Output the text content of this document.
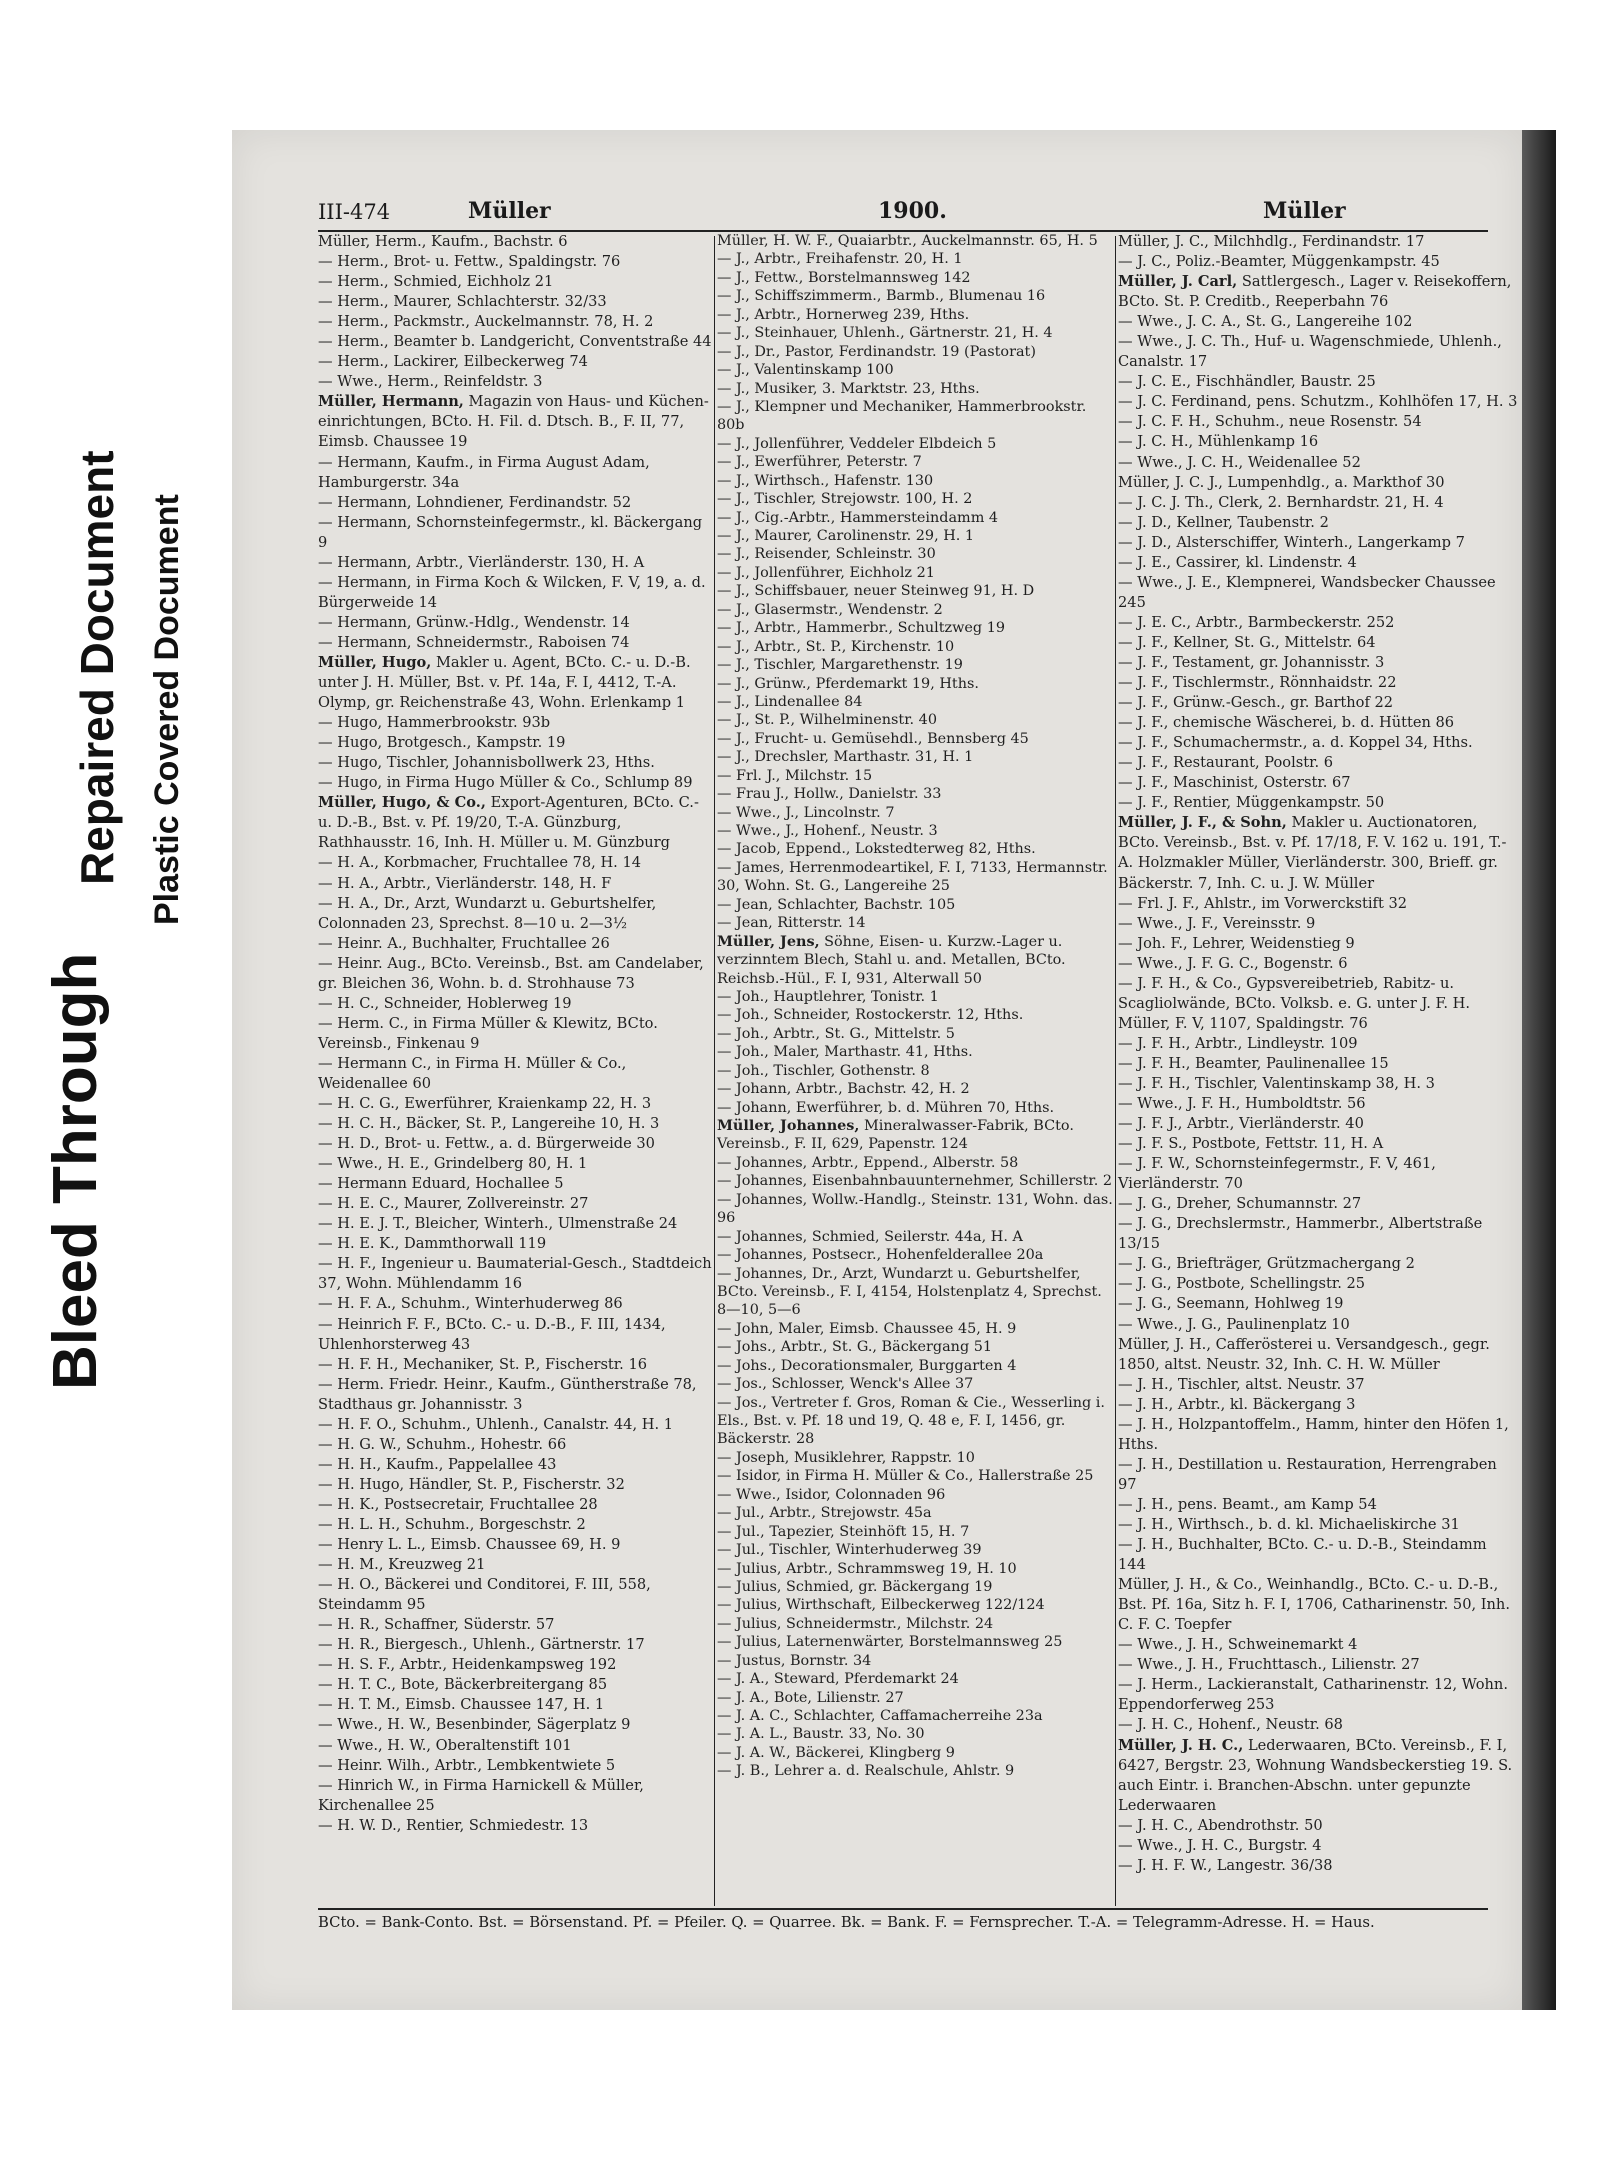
Bleed Through
Repaired Document Plastic Covered Document
III-474	Müller	1900.	Müller
Müller, Herm., Kaufm., Bachstr. 6
— Herm., Brot- u. Fettw., Spaldingstr. 76
— Herm., Schmied, Eichholz 21
— Herm., Maurer, Schlachterstr. 32/33
— Herm., Packmstr., Auckelmannstr. 78, H. 2
— Herm., Beamter b. Landgericht, Conventstraße 44
— Herm., Lackirer, Eilbeckerweg 74
— Wwe., Herm., Reinfeldstr. 3
Müller, Hermann, Magazin von Haus- und Küchen-einrichtungen, BCto. H. Fil. d. Dtsch. B., F. II, 77, Eimsb. Chaussee 19
— Hermann, Kaufm., in Firma August Adam, Hamburgerstr. 34a
— Hermann, Lohndiener, Ferdinandstr. 52
— Hermann, Schornsteinfegermstr., kl. Bäckergang 9
— Hermann, Arbtr., Vierländerstr. 130, H. A
— Hermann, in Firma Koch & Wilcken, F. V, 19, a. d. Bürgerweide 14
— Hermann, Grünw.-Hdlg., Wendenstr. 14
— Hermann, Schneidermstr., Raboisen 74
Müller, Hugo, Makler u. Agent, BCto. C.- u. D.-B. unter J. H. Müller, Bst. v. Pf. 14a, F. I, 4412, T.-A. Olymp, gr. Reichenstraße 43, Wohn. Erlenkamp 1
— Hugo, Hammerbrookstr. 93b
— Hugo, Brotgesch., Kampstr. 19
— Hugo, Tischler, Johannisbollwerk 23, Hths.
— Hugo, in Firma Hugo Müller & Co., Schlump 89
Müller, Hugo, & Co., Export-Agenturen, BCto. C.- u. D.-B., Bst. v. Pf. 19/20, T.-A. Günzburg, Rathhausstr. 16, Inh. H. Müller u. M. Günzburg
— H. A., Korbmacher, Fruchtallee 78, H. 14
— H. A., Arbtr., Vierländerstr. 148, H. F
— H. A., Dr., Arzt, Wundarzt u. Geburtshelfer, Colonnaden 23, Sprechst. 8—10 u. 2—3½
— Heinr. A., Buchhalter, Fruchtallee 26
— Heinr. Aug., BCto. Vereinsb., Bst. am Candelaber, gr. Bleichen 36, Wohn. b. d. Strohhause 73
— H. C., Schneider, Hoblerweg 19
— Herm. C., in Firma Müller & Klewitz, BCto. Vereinsb., Finkenau 9
— Hermann C., in Firma H. Müller & Co., Weidenallee 60
— H. C. G., Ewerführer, Kraienkamp 22, H. 3
— H. C. H., Bäcker, St. P., Langereihe 10, H. 3
— H. D., Brot- u. Fettw., a. d. Bürgerweide 30
— Wwe., H. E., Grindelberg 80, H. 1
— Hermann Eduard, Hochallee 5
— H. E. C., Maurer, Zollvereinstr. 27
— H. E. J. T., Bleicher, Winterh., Ulmenstraße 24
— H. E. K., Dammthorwall 119
— H. F., Ingenieur u. Baumaterial-Gesch., Stadtdeich 37, Wohn. Mühlendamm 16
— H. F. A., Schuhm., Winterhuderweg 86
— Heinrich F. F., BCto. C.- u. D.-B., F. III, 1434, Uhlenhorsterweg 43
— H. F. H., Mechaniker, St. P., Fischerstr. 16
— Herm. Friedr. Heinr., Kaufm., Güntherstraße 78, Stadthaus gr. Johannisstr. 3
— H. F. O., Schuhm., Uhlenh., Canalstr. 44, H. 1
— H. G. W., Schuhm., Hohestr. 66
— H. H., Kaufm., Pappelallee 43
— H. Hugo, Händler, St. P., Fischerstr. 32
— H. K., Postsecretair, Fruchtallee 28
— H. L. H., Schuhm., Borgeschstr. 2
— Henry L. L., Eimsb. Chaussee 69, H. 9
— H. M., Kreuzweg 21
— H. O., Bäckerei und Conditorei, F. III, 558, Steindamm 95
— H. R., Schaffner, Süderstr. 57
— H. R., Biergesch., Uhlenh., Gärtnerstr. 17
— H. S. F., Arbtr., Heidenkampsweg 192
— H. T. C., Bote, Bäckerbreitergang 85
— H. T. M., Eimsb. Chaussee 147, H. 1
— Wwe., H. W., Besenbinder, Sägerplatz 9
— Wwe., H. W., Oberaltenstift 101
— Heinr. Wilh., Arbtr., Lembkentwiete 5
— Hinrich W., in Firma Harnickell & Müller, Kirchenallee 25
— H. W. D., Rentier, Schmiedestr. 13
Müller, H. W. F., Quaiarbtr., Auckelmannstr. 65, H. 5
— J., Arbtr., Freihafenstr. 20, H. 1
— J., Fettw., Borstelmannsweg 142
— J., Schiffszimmerm., Barmb., Blumenau 16
— J., Arbtr., Hornerweg 239, Hths.
— J., Steinhauer, Uhlenh., Gärtnerstr. 21, H. 4
— J., Dr., Pastor, Ferdinandstr. 19 (Pastorat)
— J., Valentinskamp 100
— J., Musiker, 3. Marktstr. 23, Hths.
— J., Klempner und Mechaniker, Hammerbrookstr. 80b
— J., Jollenführer, Veddeler Elbdeich 5
— J., Ewerführer, Peterstr. 7
— J., Wirthsch., Hafenstr. 130
— J., Tischler, Strejowstr. 100, H. 2
— J., Cig.-Arbtr., Hammersteindamm 4
— J., Maurer, Carolinenstr. 29, H. 1
— J., Reisender, Schleinstr. 30
— J., Jollenführer, Eichholz 21
— J., Schiffsbauer, neuer Steinweg 91, H. D
— J., Glasermstr., Wendenstr. 2
— J., Arbtr., Hammerbr., Schultzweg 19
— J., Arbtr., St. P., Kirchenstr. 10
— J., Tischler, Margarethenstr. 19
— J., Grünw., Pferdemarkt 19, Hths.
— J., Lindenallee 84
— J., St. P., Wilhelminenstr. 40
— J., Frucht- u. Gemüsehdl., Bennsberg 45
— J., Drechsler, Marthastr. 31, H. 1
— Frl. J., Milchstr. 15
— Frau J., Hollw., Danielstr. 33
— Wwe., J., Lincolnstr. 7
— Wwe., J., Hohenf., Neustr. 3
— Jacob, Eppend., Lokstedterweg 82, Hths.
— James, Herrenmodeartikel, F. I, 7133, Hermannstr. 30, Wohn. St. G., Langereihe 25
— Jean, Schlachter, Bachstr. 105
— Jean, Ritterstr. 14
Müller, Jens, Söhne, Eisen- u. Kurzw.-Lager u. verzinntem Blech, Stahl u. and. Metallen, BCto. Reichsb.-Hül., F. I, 931, Alterwall 50
— Joh., Hauptlehrer, Tonistr. 1
— Joh., Schneider, Rostockerstr. 12, Hths.
— Joh., Arbtr., St. G., Mittelstr. 5
— Joh., Maler, Marthastr. 41, Hths.
— Joh., Tischler, Gothenstr. 8
— Johann, Arbtr., Bachstr. 42, H. 2
— Johann, Ewerführer, b. d. Mühren 70, Hths.
Müller, Johannes, Mineralwasser-Fabrik, BCto. Vereinsb., F. II, 629, Papenstr. 124
— Johannes, Arbtr., Eppend., Alberstr. 58
— Johannes, Eisenbahnbauunternehmer, Schillerstr. 2
— Johannes, Wollw.-Handlg., Steinstr. 131, Wohn. das. 96
— Johannes, Schmied, Seilerstr. 44a, H. A
— Johannes, Postsecr., Hohenfelderallee 20a
— Johannes, Dr., Arzt, Wundarzt u. Geburtshelfer, BCto. Vereinsb., F. I, 4154, Holstenplatz 4, Sprechst. 8—10, 5—6
— John, Maler, Eimsb. Chaussee 45, H. 9
— Johs., Arbtr., St. G., Bäckergang 51
— Johs., Decorationsmaler, Burggarten 4
— Jos., Schlosser, Wenck's Allee 37
— Jos., Vertreter f. Gros, Roman & Cie., Wesserling i. Els., Bst. v. Pf. 18 und 19, Q. 48 e, F. I, 1456, gr. Bäckerstr. 28
— Joseph, Musiklehrer, Rappstr. 10
— Isidor, in Firma H. Müller & Co., Hallerstraße 25
— Wwe., Isidor, Colonnaden 96
— Jul., Arbtr., Strejowstr. 45a
— Jul., Tapezier, Steinhöft 15, H. 7
— Jul., Tischler, Winterhuderweg 39
— Julius, Arbtr., Schrammsweg 19, H. 10
— Julius, Schmied, gr. Bäckergang 19
— Julius, Wirthschaft, Eilbeckerweg 122/124
— Julius, Schneidermstr., Milchstr. 24
— Julius, Laternenwärter, Borstelmannsweg 25
— Justus, Bornstr. 34
— J. A., Steward, Pferdemarkt 24
— J. A., Bote, Lilienstr. 27
— J. A. C., Schlachter, Caffamacherreihe 23a
— J. A. L., Baustr. 33, No. 30
— J. A. W., Bäckerei, Klingberg 9
— J. B., Lehrer a. d. Realschule, Ahlstr. 9
Müller, J. C., Milchhdlg., Ferdinandstr. 17
— J. C., Poliz.-Beamter, Müggenkampstr. 45
Müller, J. Carl, Sattlergesch., Lager v. Reisekoffern, BCto. St. P. Creditb., Reeperbahn 76
— Wwe., J. C. A., St. G., Langereihe 102
— Wwe., J. C. Th., Huf- u. Wagenschmiede, Uhlenh., Canalstr. 17
— J. C. E., Fischhändler, Baustr. 25
— J. C. Ferdinand, pens. Schutzm., Kohlhöfen 17, H. 3
— J. C. F. H., Schuhm., neue Rosenstr. 54
— J. C. H., Mühlenkamp 16
— Wwe., J. C. H., Weidenallee 52
Müller, J. C. J., Lumpenhdlg., a. Markthof 30
— J. C. J. Th., Clerk, 2. Bernhardstr. 21, H. 4
— J. D., Kellner, Taubenstr. 2
— J. D., Alsterschiffer, Winterh., Langerkamp 7
— J. E., Cassirer, kl. Lindenstr. 4
— Wwe., J. E., Klempnerei, Wandsbecker Chaussee 245
— J. E. C., Arbtr., Barmbeckerstr. 252
— J. F., Kellner, St. G., Mittelstr. 64
— J. F., Testament, gr. Johannisstr. 3
— J. F., Tischlermstr., Rönnhaidstr. 22
— J. F., Grünw.-Gesch., gr. Barthof 22
— J. F., chemische Wäscherei, b. d. Hütten 86
— J. F., Schumachermstr., a. d. Koppel 34, Hths.
— J. F., Restaurant, Poolstr. 6
— J. F., Maschinist, Osterstr. 67
— J. F., Rentier, Müggenkampstr. 50
Müller, J. F., & Sohn, Makler u. Auctionatoren, BCto. Vereinsb., Bst. v. Pf. 17/18, F. V. 162 u. 191, T.-A. Holzmakler Müller, Vierländerstr. 300, Brieff. gr. Bäckerstr. 7, Inh. C. u. J. W. Müller
— Frl. J. F., Ahlstr., im Vorwerckstift 32
— Wwe., J. F., Vereinsstr. 9
— Joh. F., Lehrer, Weidenstieg 9
— Wwe., J. F. G. C., Bogenstr. 6
— J. F. H., & Co., Gypsvereibetrieb, Rabitz- u. Scagliolwände, BCto. Volksb. e. G. unter J. F. H. Müller, F. V, 1107, Spaldingstr. 76
— J. F. H., Arbtr., Lindleystr. 109
— J. F. H., Beamter, Paulinenallee 15
— J. F. H., Tischler, Valentinskamp 38, H. 3
— Wwe., J. F. H., Humboldtstr. 56
— J. F. J., Arbtr., Vierländerstr. 40
— J. F. S., Postbote, Fettstr. 11, H. A
— J. F. W., Schornsteinfegermstr., F. V, 461, Vierländerstr. 70
— J. G., Dreher, Schumannstr. 27
— J. G., Drechslermstr., Hammerbr., Albertstraße 13/15
— J. G., Briefträger, Grützmachergang 2
— J. G., Postbote, Schellingstr. 25
— J. G., Seemann, Hohlweg 19
— Wwe., J. G., Paulinenplatz 10
Müller, J. H., Cafferösterei u. Versandgesch., gegr. 1850, altst. Neustr. 32, Inh. C. H. W. Müller
— J. H., Tischler, altst. Neustr. 37
— J. H., Arbtr., kl. Bäckergang 3
— J. H., Holzpantoffelm., Hamm, hinter den Höfen 1, Hths.
— J. H., Destillation u. Restauration, Herrengraben 97
— J. H., pens. Beamt., am Kamp 54
— J. H., Wirthsch., b. d. kl. Michaeliskirche 31
— J. H., Buchhalter, BCto. C.- u. D.-B., Steindamm 144
Müller, J. H., & Co., Weinhandlg., BCto. C.- u. D.-B., Bst. Pf. 16a, Sitz h. F. I, 1706, Catharinenstr. 50, Inh. C. F. C. Toepfer
— Wwe., J. H., Schweinemarkt 4
— Wwe., J. H., Fruchttasch., Lilienstr. 27
— J. Herm., Lackieranstalt, Catharinenstr. 12, Wohn. Eppendorferweg 253
— J. H. C., Hohenf., Neustr. 68
Müller, J. H. C., Lederwaaren, BCto. Vereinsb., F. I, 6427, Bergstr. 23, Wohnung Wandsbeckerstieg 19. S. auch Eintr. i. Branchen-Abschn. unter gepunzte Lederwaaren
— J. H. C., Abendrothstr. 50
— Wwe., J. H. C., Burgstr. 4
— J. H. F. W., Langestr. 36/38
BCto. = Bank-Conto. Bst. = Börsenstand. Pf. = Pfeiler. Q. = Quarree. Bk. = Bank. F. = Fernsprecher. T.-A. = Telegramm-Adresse. H. = Haus.
